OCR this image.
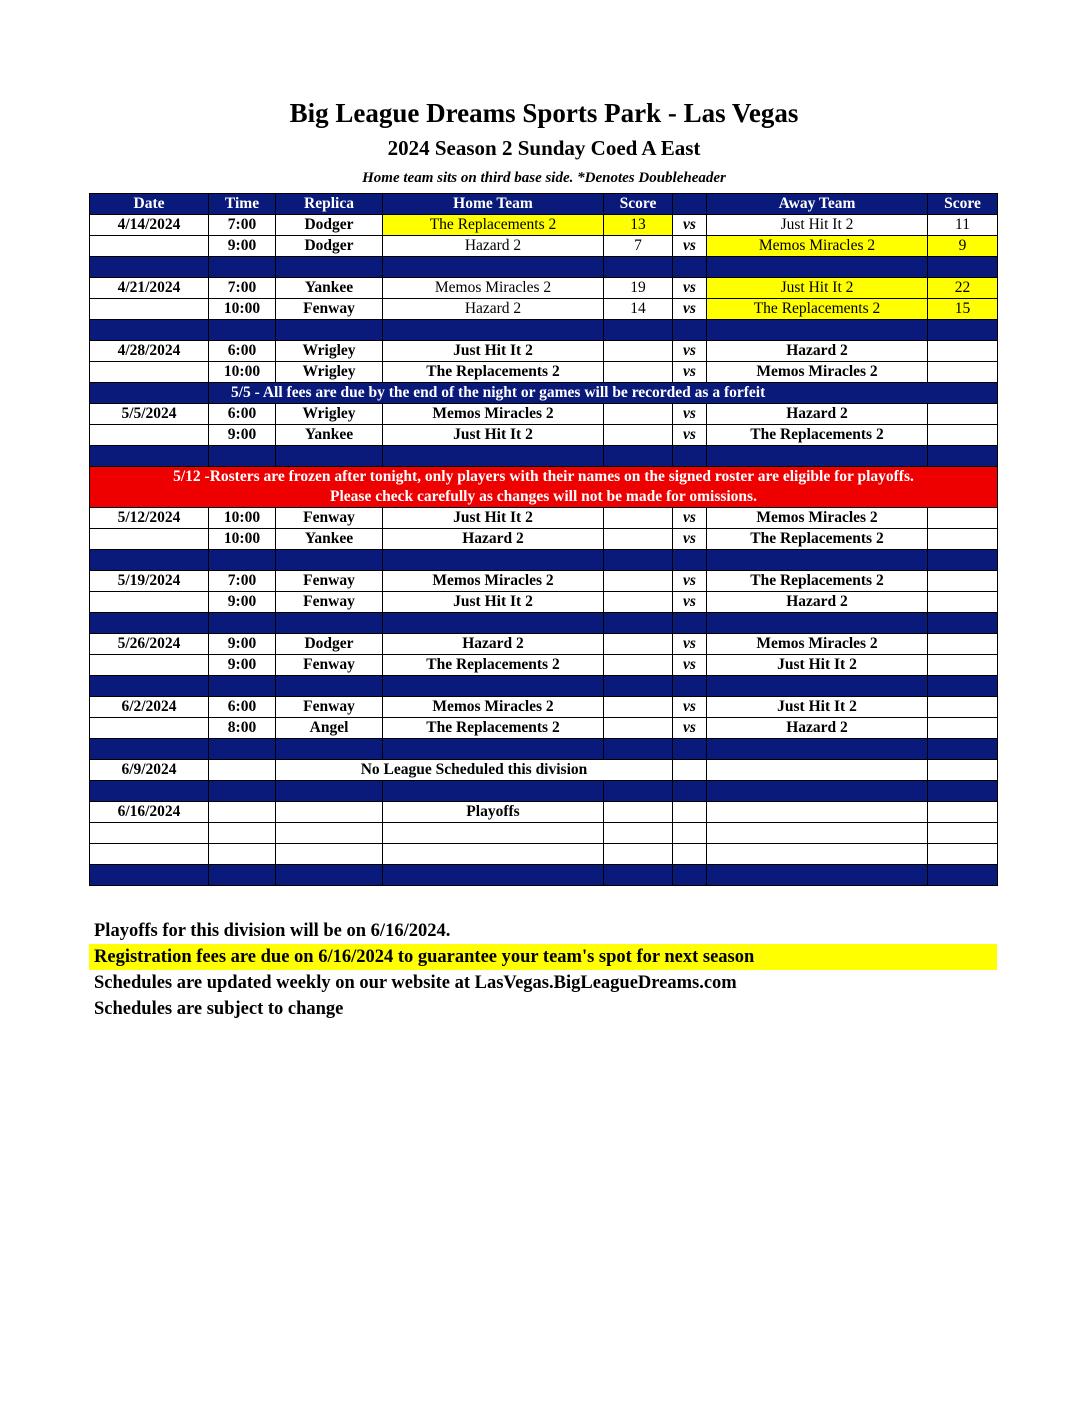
Big League Dreams Sports Park - Las Vegas
2024 Season 2 Sunday Coed A East
Home team sits on third base side. *Denotes Doubleheader
Date	Time	Replica	Home Team	Score		Away Team	Score
4/14/2024	7:00	Dodger	The Replacements 2	13	vs	Just Hit It 2	11
	9:00	Dodger	Hazard 2	7	vs	Memos Miracles 2	9

4/21/2024	7:00	Yankee	Memos Miracles 2	19	vs	Just Hit It 2	22
	10:00	Fenway	Hazard 2	14	vs	The Replacements 2	15

4/28/2024	6:00	Wrigley	Just Hit It 2		vs	Hazard 2	
	10:00	Wrigley	The Replacements 2		vs	Memos Miracles 2	
	5/5 - All fees are due by the end of the night or games will be recorded as a forfeit						
5/5/2024	6:00	Wrigley	Memos Miracles 2		vs	Hazard 2	
	9:00	Yankee	Just Hit It 2		vs	The Replacements 2	

5/12 -Rosters are frozen after tonight, only players with their names on the signed roster are eligible for playoffs.
Please check carefully as changes will not be made for omissions.							

5/12/2024	10:00	Fenway	Just Hit It 2		vs	Memos Miracles 2	
	10:00	Yankee	Hazard 2		vs	The Replacements 2	

5/19/2024	7:00	Fenway	Memos Miracles 2		vs	The Replacements 2	
	9:00	Fenway	Just Hit It 2		vs	Hazard 2	

5/26/2024	9:00	Dodger	Hazard 2		vs	Memos Miracles 2	
	9:00	Fenway	The Replacements 2		vs	Just Hit It 2	

6/2/2024	6:00	Fenway	Memos Miracles 2		vs	Just Hit It 2	
	8:00	Angel	The Replacements 2		vs	Hazard 2	

6/9/2024		No League Scheduled this division					

6/16/2024			Playoffs				

Playoffs for this division will be on 6/16/2024.
Registration fees are due on 6/16/2024 to guarantee your team's spot for next season
Schedules are updated weekly on our website at LasVegas.BigLeagueDreams.com
Schedules are subject to change
